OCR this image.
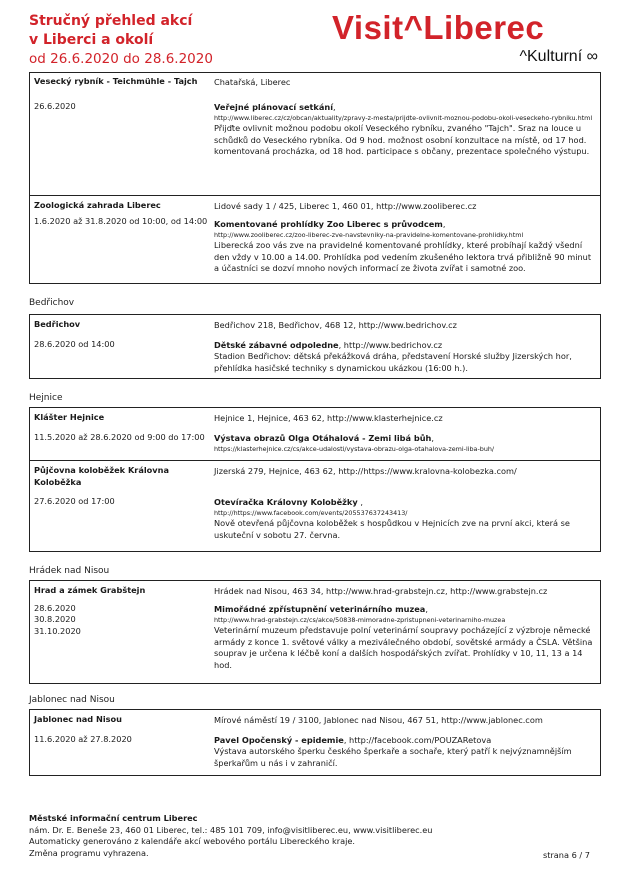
Stručný přehled akcí
v Liberci a okolí
od 26.6.2020 do 28.6.2020
Visit^Liberec
^Kulturní ∞
Vesecký rybník - Teichmühle - Tajch
26.6.2020
Chatařská, Liberec
Veřejné plánovací setkání,
http://www.liberec.cz/cz/obcan/aktuality/zpravy-z-mesta/prijdte-ovlivnit-moznou-podobu-okoli-veseckeho-rybniku.html
Přijďte ovlivnit možnou podobu okolí Veseckého rybníku, zvaného "Tajch". Sraz na louce u schůdků do Veseckého rybníka. Od 9 hod. možnost osobní konzultace na místě, od 17 hod. komentovaná procházka, od 18 hod. participace s občany, prezentace společného výstupu.
Zoologická zahrada Liberec
1.6.2020 až 31.8.2020 od 10:00, od 14:00
Lidové sady 1 / 425, Liberec 1, 460 01, http://www.zooliberec.cz
Komentované prohlídky Zoo Liberec s průvodcem,
http://www.zooliberec.cz/zoo-liberec-zve-navstevniky-na-pravidelne-komentovane-prohlidky.html
Liberecká zoo vás zve na pravidelné komentované prohlídky, které probíhají každý všední den vždy v 10.00 a 14.00. Prohlídka pod vedením zkušeného lektora trvá přibližně 90 minut a účastníci se dozví mnoho nových informací ze života zvířat i samotné zoo.
Bedřichov
Bedřichov
28.6.2020 od 14:00
Bedřichov 218, Bedřichov, 468 12, http://www.bedrichov.cz
Dětské zábavné odpoledne, http://www.bedrichov.cz
Stadion Bedřichov: dětská překážková dráha, představení Horské služby Jizerských hor, přehlídka hasičské techniky s dynamickou ukázkou (16:00 h.).
Hejnice
Klášter Hejnice
11.5.2020 až 28.6.2020 od 9:00 do 17:00
Hejnice 1, Hejnice, 463 62, http://www.klasterhejnice.cz
Výstava obrazů Olga Otáhalová - Zemi libá bůh,
https://klasterhejnice.cz/cs/akce-udalosti/vystava-obrazu-olga-otahalova-zemi-liba-buh/
Půjčovna koloběžek Královna Koloběžka
27.6.2020 od 17:00
Jizerská 279, Hejnice, 463 62, http://https://www.kralovna-kolobezka.com/
Otevíračka Královny Koloběžky ,
http://https://www.facebook.com/events/205537637243413/
Nově otevřená půjčovna koloběžek s hospůdkou v Hejnicích zve na první akci, která se uskuteční v sobotu 27. června.
Hrádek nad Nisou
Hrad a zámek Grabštejn
28.6.2020
30.8.2020
31.10.2020
Hrádek nad Nisou, 463 34, http://www.hrad-grabstejn.cz, http://www.grabstejn.cz
Mimořádné zpřístupnění veterinárního muzea,
http://www.hrad-grabstejn.cz/cs/akce/50838-mimoradne-zpristupneni-veterinarniho-muzea
Veterinární muzeum představuje polní veterinární soupravy pocházející z výzbroje německé armády z konce 1. světové války a meziválečného období, sovětské armády a ČSLA. Většina souprav je určena k léčbě koní a dalších hospodářských zvířat. Prohlídky v 10, 11, 13 a 14 hod.
Jablonec nad Nisou
Jablonec nad Nisou
11.6.2020 až 27.8.2020
Mírové náměstí 19 / 3100, Jablonec nad Nisou, 467 51, http://www.jablonec.com
Pavel Opočenský - epidemie, http://facebook.com/POUZARetova
Výstava autorského šperku českého šperkaře a sochaře, který patří k nejvýznamnějším šperkařům u nás i v zahraničí.
Městské informační centrum Liberec
nám. Dr. E. Beneše 23, 460 01 Liberec, tel.: 485 101 709, info@visitliberec.eu, www.visitliberec.eu
Automaticky generováno z kalendáře akcí webového portálu Libereckého kraje.
Změna programu vyhrazena.	strana 6 / 7
